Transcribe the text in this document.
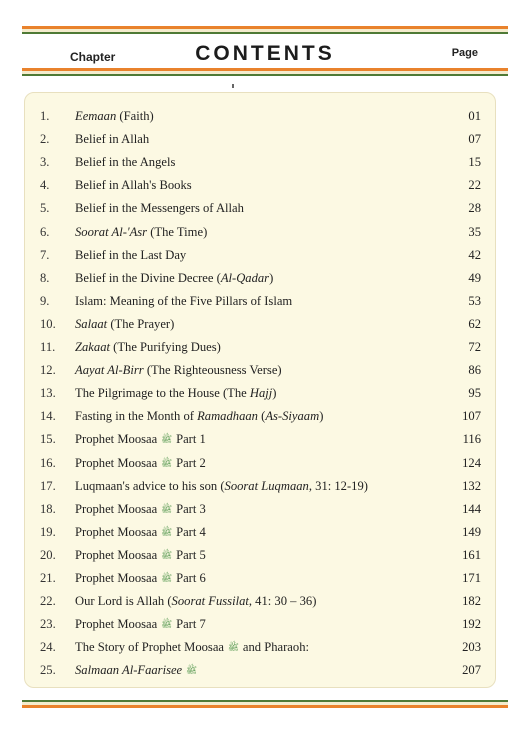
Chapter	CONTENTS	Page
1. Eemaan (Faith)	01
2. Belief in Allah	07
3. Belief in the Angels	15
4. Belief in Allah's Books	22
5. Belief in the Messengers of Allah	28
6. Soorat Al-'Asr (The Time)	35
7. Belief in the Last Day	42
8. Belief in the Divine Decree (Al-Qadar)	49
9. Islam: Meaning of the Five Pillars of Islam	53
10. Salaat (The Prayer)	62
11. Zakaat (The Purifying Dues)	72
12. Aayat Al-Birr (The Righteousness Verse)	86
13. The Pilgrimage to the House (The Hajj)	95
14. Fasting in the Month of Ramadhaan (As-Siyaam)	107
15. Prophet Moosaa ﷺ Part 1	116
16. Prophet Moosaa ﷺ Part 2	124
17. Luqmaan's advice to his son (Soorat Luqmaan, 31: 12-19)	132
18. Prophet Moosaa ﷺ Part 3	144
19. Prophet Moosaa ﷺ Part 4	149
20. Prophet Moosaa ﷺ Part 5	161
21. Prophet Moosaa ﷺ Part 6	171
22. Our Lord is Allah (Soorat Fussilat, 41: 30 – 36)	182
23. Prophet Moosaa ﷺ Part 7	192
24. The Story of Prophet Moosaa ﷺ and Pharaoh:	203
25. Salmaan Al-Faarisee ﷺ	207
